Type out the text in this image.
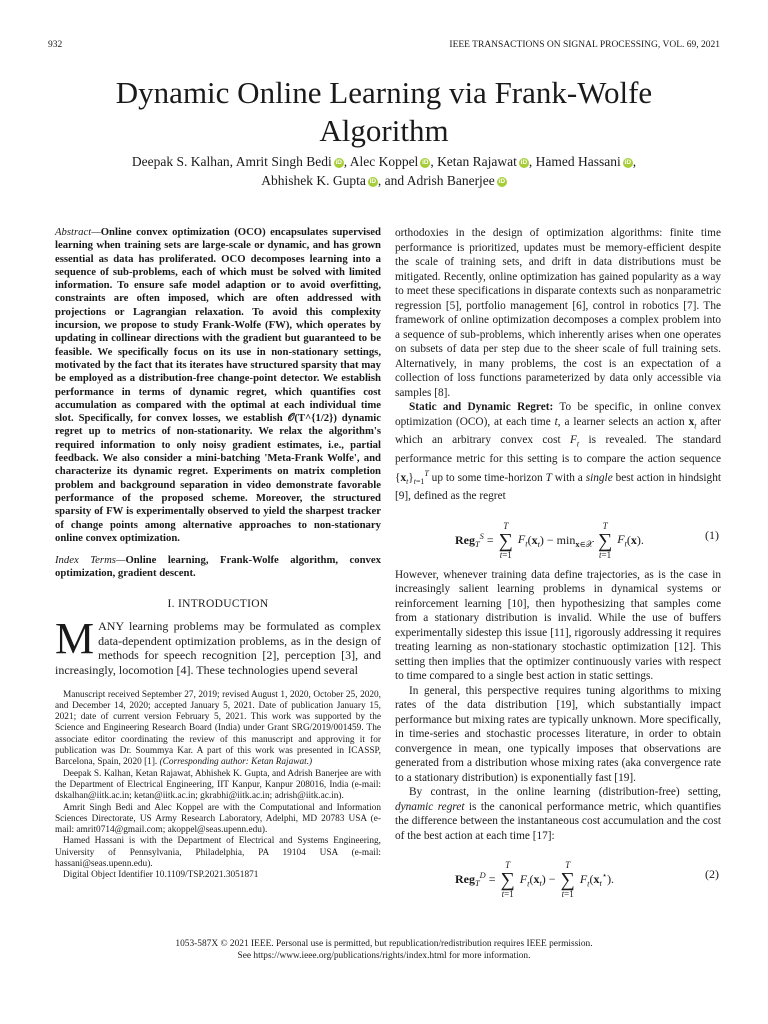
932	IEEE TRANSACTIONS ON SIGNAL PROCESSING, VOL. 69, 2021
Dynamic Online Learning via Frank-Wolfe
Algorithm
Deepak S. Kalhan, Amrit Singh Bedi iD , Alec Koppel iD , Ketan Rajawat iD , Hamed Hassani iD ,
Abhishek K. Gupta iD , and Adrish Banerjee iD

Abstract—Online convex optimization (OCO) encapsulates supervised learning when training sets are large-scale or dynamic, and has grown essential as data has proliferated. OCO decomposes learning into a sequence of sub-problems, each of which must be solved with limited information. To ensure safe model adaption or to avoid overfitting, constraints are often imposed, which are often addressed with projections or Lagrangian relaxation. To avoid this complexity incursion, we propose to study Frank-Wolfe (FW), which operates by updating in collinear directions with the gradient but guaranteed to be feasible. We specifically focus on its use in non-stationary settings, motivated by the fact that its iterates have structured sparsity that may be employed as a distribution-free change-point detector. We establish performance in terms of dynamic regret, which quantifies cost accumulation as compared with the optimal at each individual time slot. Specifically, for convex losses, we establish 𝒪(T^{1/2}) dynamic regret up to metrics of non-stationarity. We relax the algorithm's required information to only noisy gradient estimates, i.e., partial feedback. We also consider a mini-batching 'Meta-Frank Wolfe', and characterize its dynamic regret. Experiments on matrix completion problem and background separation in video demonstrate favorable performance of the proposed scheme. Moreover, the structured sparsity of FW is experimentally observed to yield the sharpest tracker of change points among alternative approaches to non-stationary online convex optimization.

Index Terms—Online learning, Frank-Wolfe algorithm, convex optimization, gradient descent.

I. INTRODUCTION

MANY learning problems may be formulated as complex data-dependent optimization problems, as in the design of methods for speech recognition [2], perception [3], and increasingly, locomotion [4]. These technologies upend several

Manuscript received September 27, 2019; revised August 1, 2020, October 25, 2020, and December 14, 2020; accepted January 5, 2021. Date of publication January 15, 2021; date of current version February 5, 2021. This work was supported by the Science and Engineering Research Board (India) under Grant SRG/2019/001459. The associate editor coordinating the review of this manuscript and approving it for publication was Dr. Soummya Kar. A part of this work was presented in ICASSP, Barcelona, Spain, 2020 [1]. (Corresponding author: Ketan Rajawat.)

Deepak S. Kalhan, Ketan Rajawat, Abhishek K. Gupta, and Adrish Banerjee are with the Department of Electrical Engineering, IIT Kanpur, Kanpur 208016, India (e-mail: dskalhan@iitk.ac.in; ketan@iitk.ac.in; gkrabhi@iitk.ac.in; adrish@iitk.ac.in).

Amrit Singh Bedi and Alec Koppel are with the Computational and Information Sciences Directorate, US Army Research Laboratory, Adelphi, MD 20783 USA (e-mail: amrit0714@gmail.com; akoppel@seas.upenn.edu).

Hamed Hassani is with the Department of Electrical and Systems Engineering, University of Pennsylvania, Philadelphia, PA 19104 USA (e-mail: hassani@seas.upenn.edu).

Digital Object Identifier 10.1109/TSP.2021.3051871

orthodoxies in the design of optimization algorithms: finite time performance is prioritized, updates must be memory-efficient despite the scale of training sets, and drift in data distributions must be mitigated. Recently, online optimization has gained popularity as a way to meet these specifications in disparate contexts such as nonparametric regression [5], portfolio management [6], control in robotics [7]. The framework of online optimization decomposes a complex problem into a sequence of sub-problems, which inherently arises when one operates on subsets of data per step due to the sheer scale of full training sets. Alternatively, in many problems, the cost is an expectation of a collection of loss functions parameterized by data only accessible via samples [8].

Static and Dynamic Regret: To be specific, in online convex optimization (OCO), at each time t, a learner selects an action $x_t$ after which an arbitrary convex cost $F_t$ is revealed. The standard performance metric for this setting is to compare the action sequence $\{x_t\}_{t=1}^T$ up to some time-horizon T with a single best action in hindsight [9], defined as the regret

Reg$_T^S$ = T
∑
t=1 $F_t(x_t) - \min_{x\in 𝒳} T$
∑
t=1 $F_t(x)$.	(1)

However, whenever training data define trajectories, as is the case in increasingly salient learning problems in dynamical systems or reinforcement learning [10], then hypothesizing that samples come from a stationary distribution is invalid. While the use of buffers experimentally sidestep this issue [11], rigorously addressing it requires treating learning as non-stationary stochastic optimization [12]. This setting then implies that the optimizer continuously varies with respect to time compared to a single best action in static settings.

In general, this perspective requires tuning algorithms to mixing rates of the data distribution [19], which substantially impact performance but mixing rates are typically unknown. More specifically, in time-series and stochastic processes literature, in order to obtain convergence in mean, one typically imposes that observations are generated from a distribution whose mixing rates (aka convergence rate to a stationary distribution) is exponentially fast [19].

By contrast, in the online learning (distribution-free) setting, dynamic regret is the canonical performance metric, which quantifies the difference between the instantaneous cost accumulation and the cost of the best action at each time [17]:

Reg$_T^D$ = T
∑
t=1 $F_t(x_t) - T$
∑
t=1 $F_t(x_t^⋆)$.	(2)
1053-587X © 2021 IEEE. Personal use is permitted, but republication/redistribution requires IEEE permission.
See https://www.ieee.org/publications/rights/index.html for more information.
